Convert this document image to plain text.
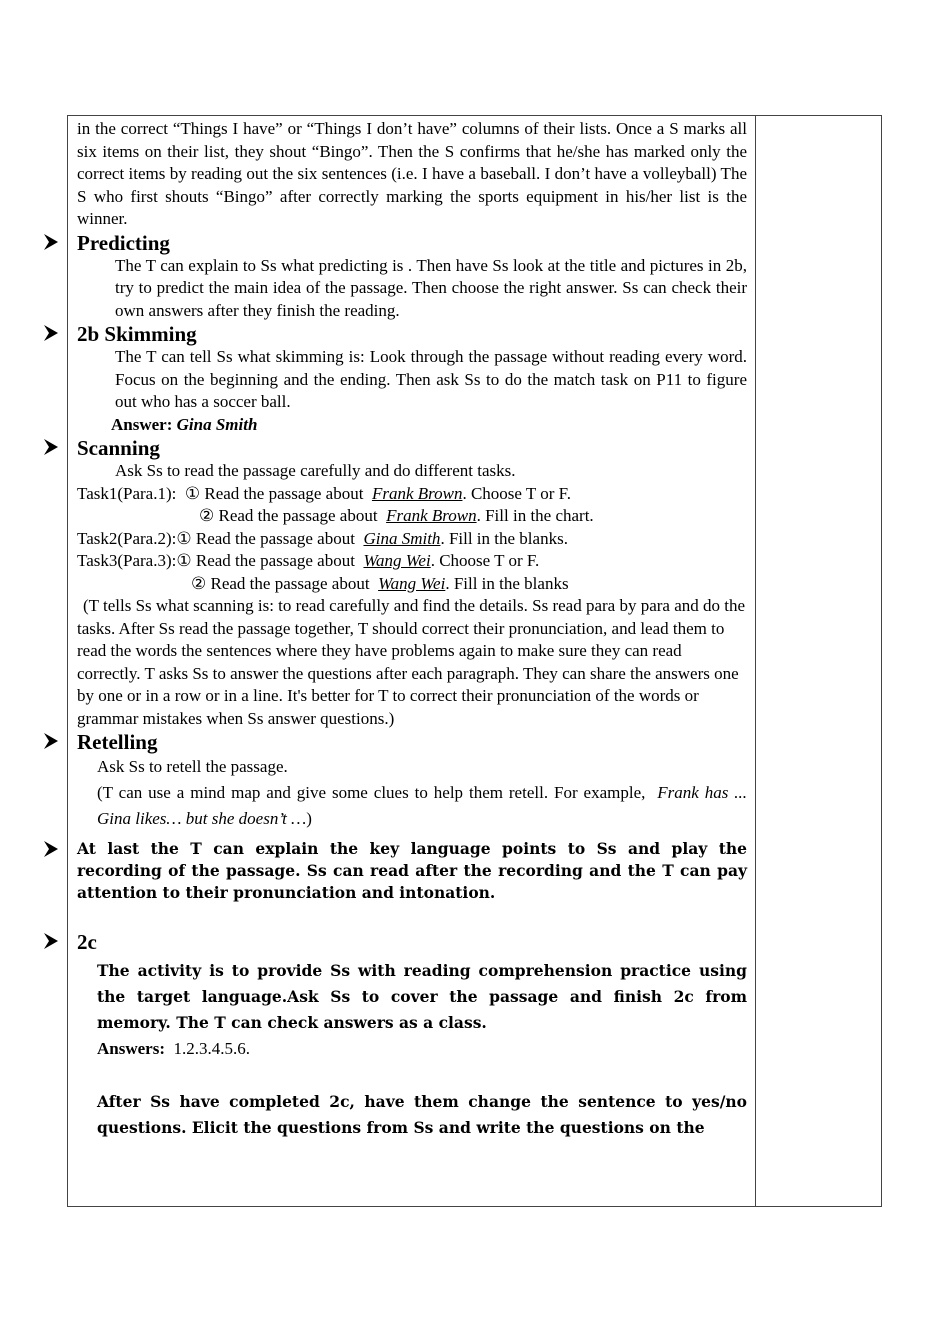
in the correct “Things I have” or “Things I don’t have” columns of their lists. Once a S marks all six items on their list, they shout “Bingo”. Then the S confirms that he/she has marked only the correct items by reading out the six sentences (i.e. I have a baseball. I don’t have a volleyball) The S who first shouts “Bingo” after correctly marking the sports equipment in his/her list is the winner.

Predicting

The T can explain to Ss what predicting is . Then have Ss look at the title and pictures in 2b, try to predict the main idea of the passage. Then choose the right answer. Ss can check their own answers after they finish the reading.

2b Skimming

The T can tell Ss what skimming is: Look through the passage without reading every word. Focus on the beginning and the ending. Then ask Ss to do the match task on P11 to figure out who has a soccer ball.

Answer: Gina Smith

Scanning

Ask Ss to read the passage carefully and do different tasks.

Task1(Para.1): ① Read the passage about Frank Brown. Choose T or F.

② Read the passage about Frank Brown. Fill in the chart.

Task2(Para.2):① Read the passage about Gina Smith. Fill in the blanks.

Task3(Para.3):① Read the passage about Wang Wei. Choose T or F.

② Read the passage about Wang Wei. Fill in the blanks

(T tells Ss what scanning is: to read carefully and find the details. Ss read para by para and do the tasks. After Ss read the passage together, T should correct their pronunciation, and lead them to read the words the sentences where they have problems again to make sure they can read correctly. T asks Ss to answer the questions after each paragraph. They can share the answers one by one or in a row or in a line. It's better for T to correct their pronunciation of the words or grammar mistakes when Ss answer questions.)

Retelling

Ask Ss to retell the passage.

(T can use a mind map and give some clues to help them retell. For example, Frank has ... Gina likes… but she doesn’t …)

At last the T can explain the key language points to Ss and play the recording of the passage. Ss can read after the recording and the T can pay attention to their pronunciation and intonation.

2c

The activity is to provide Ss with reading comprehension practice using the target language.Ask Ss to cover the passage and finish 2c from memory. The T can check answers as a class.

Answers: 1.2.3.4.5.6.

After Ss have completed 2c, have them change the sentence to yes/no questions. Elicit the questions from Ss and write the questions on the
